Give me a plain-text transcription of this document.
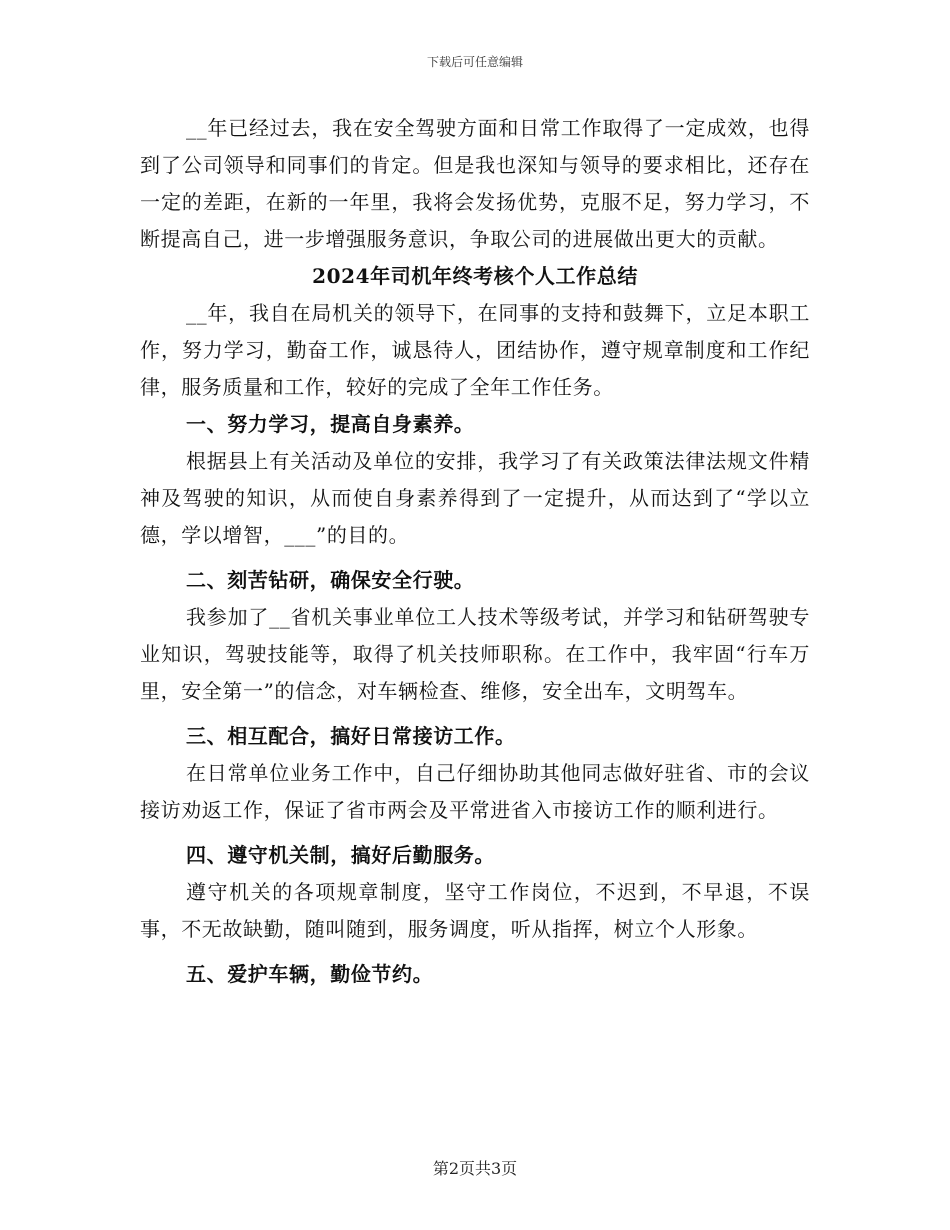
下载后可任意编辑

__年已经过去，我在安全驾驶方面和日常工作取得了一定成效，也得到了公司领导和同事们的肯定。但是我也深知与领导的要求相比，还存在一定的差距，在新的一年里，我将会发扬优势，克服不足，努力学习，不断提高自己，进一步增强服务意识，争取公司的进展做出更大的贡献。

2024年司机年终考核个人工作总结

__年，我自在局机关的领导下，在同事的支持和鼓舞下，立足本职工作，努力学习，勤奋工作，诚恳待人，团结协作，遵守规章制度和工作纪律，服务质量和工作，较好的完成了全年工作任务。

一、努力学习，提高自身素养。

根据县上有关活动及单位的安排，我学习了有关政策法律法规文件精神及驾驶的知识，从而使自身素养得到了一定提升，从而达到了“学以立德，学以增智，___”的目的。

二、刻苦钻研，确保安全行驶。

我参加了__省机关事业单位工人技术等级考试，并学习和钻研驾驶专业知识，驾驶技能等，取得了机关技师职称。在工作中，我牢固“行车万里，安全第一”的信念，对车辆检查、维修，安全出车，文明驾车。

三、相互配合，搞好日常接访工作。

在日常单位业务工作中，自己仔细协助其他同志做好驻省、市的会议接访劝返工作，保证了省市两会及平常进省入市接访工作的顺利进行。

四、遵守机关制，搞好后勤服务。

遵守机关的各项规章制度，坚守工作岗位，不迟到，不早退，不误事，不无故缺勤，随叫随到，服务调度，听从指挥，树立个人形象。

五、爱护车辆，勤俭节约。

第2页共3页
